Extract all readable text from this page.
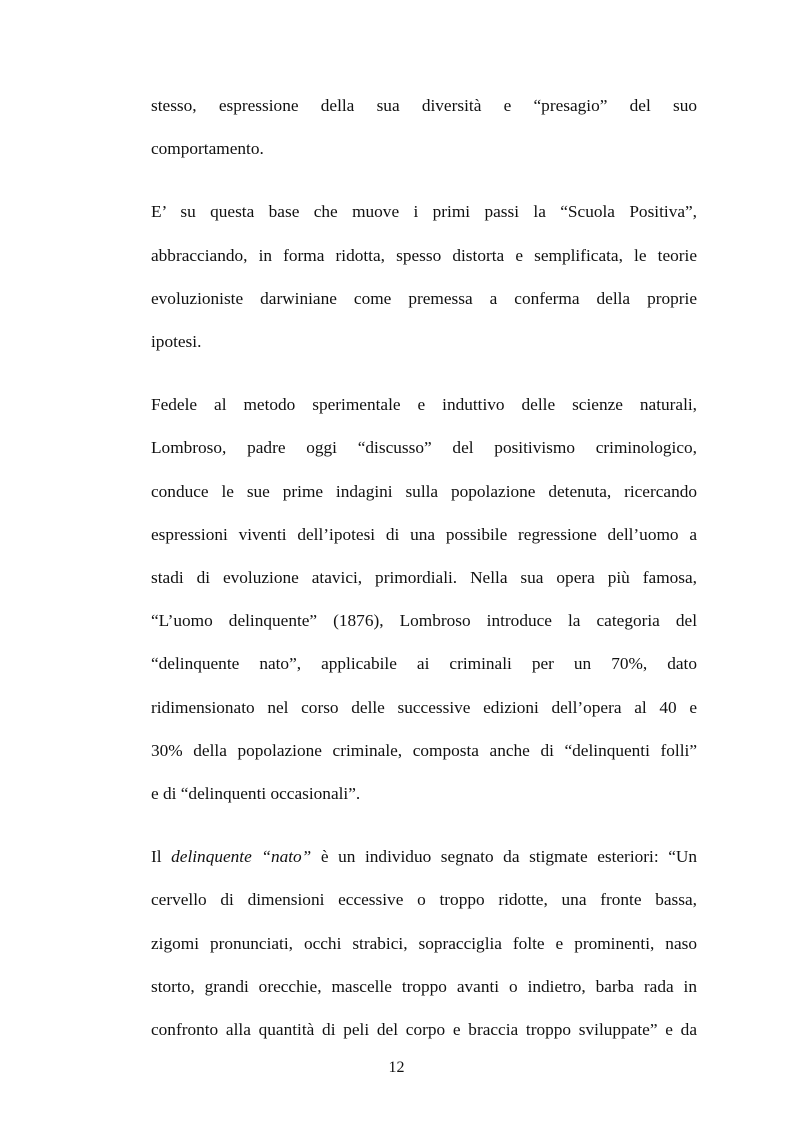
stesso, espressione della sua diversità e “presagio” del suo
comportamento.

E’ su questa base che muove i primi passi la “Scuola Positiva”,
abbracciando, in forma ridotta, spesso distorta e semplificata, le teorie
evoluzioniste darwiniane come premessa a conferma della proprie
ipotesi.

Fedele al metodo sperimentale e induttivo delle scienze naturali,
Lombroso, padre oggi “discusso” del positivismo criminologico,
conduce le sue prime indagini sulla popolazione detenuta, ricercando
espressioni viventi dell’ipotesi di una possibile regressione dell’uomo a
stadi di evoluzione atavici, primordiali. Nella sua opera più famosa,
“L’uomo delinquente” (1876), Lombroso introduce la categoria del
“delinquente nato”, applicabile ai criminali per un 70%, dato
ridimensionato nel corso delle successive edizioni dell’opera al 40 e
30% della popolazione criminale, composta anche di “delinquenti folli”
e di “delinquenti occasionali”.

Il delinquente “nato” è un individuo segnato da stigmate esteriori: “Un
cervello di dimensioni eccessive o troppo ridotte, una fronte bassa,
zigomi pronunciati, occhi strabici, sopracciglia folte e prominenti, naso
storto, grandi orecchie, mascelle troppo avanti o indietro, barba rada in
confronto alla quantità di peli del corpo e braccia troppo sviluppate” e da

12
